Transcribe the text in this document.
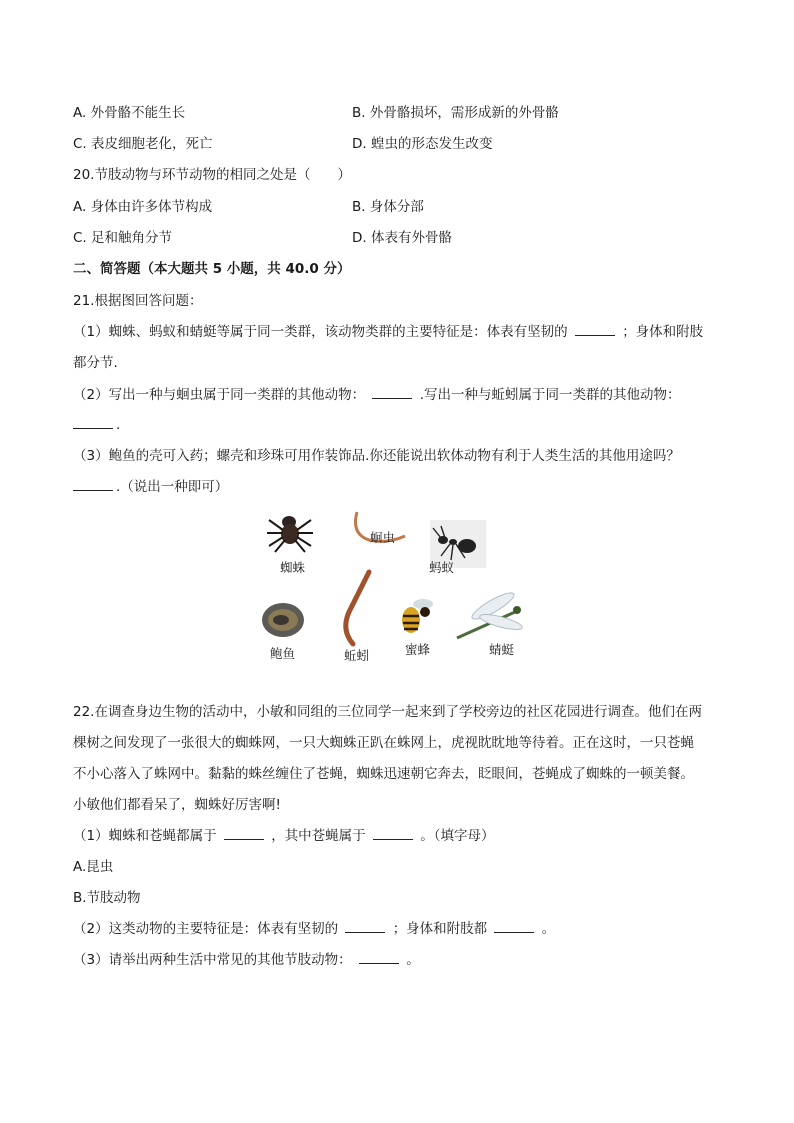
A. 外骨骼不能生长	B. 外骨骼损坏，需形成新的外骨骼
C. 表皮细胞老化，死亡	D. 蝗虫的形态发生改变
20.节肢动物与环节动物的相同之处是（　　）
A. 身体由许多体节构成	B. 身体分部
C. 足和触角分节	D. 体表有外骨骼
二、简答题（本大题共 5 小题，共 40.0 分）
21.根据图回答问题：
（1）蜘蛛、蚂蚁和蜻蜓等属于同一类群，该动物类群的主要特征是：体表有坚韧的	；身体和附肢
都分节.
（2）写出一种与蛔虫属于同一类群的其他动物：	.写出一种与蚯蚓属于同一类群的其他动物：
.
（3）鲍鱼的壳可入药；螺壳和珍珠可用作装饰品.你还能说出软体动物有利于人类生活的其他用途吗？
.（说出一种即可）
蜘蛛
蛔虫
蚂蚁
鲍鱼	蚯蚓	蜜蜂	蜻蜓
22.在调查身边生物的活动中，小敏和同组的三位同学一起来到了学校旁边的社区花园进行调查。他们在两
棵树之间发现了一张很大的蜘蛛网，一只大蜘蛛正趴在蛛网上，虎视眈眈地等待着。正在这时，一只苍蝇
不小心落入了蛛网中。黏黏的蛛丝缠住了苍蝇，蜘蛛迅速朝它奔去，眨眼间，苍蝇成了蜘蛛的一顿美餐。
小敏他们都看呆了，蜘蛛好厉害啊!
（1）蜘蛛和苍蝇都属于	，其中苍蝇属于	。（填字母）
A.昆虫
B.节肢动物
（2）这类动物的主要特征是：体表有坚韧的	；身体和附肢都	。
（3）请举出两种生活中常见的其他节肢动物：	。
